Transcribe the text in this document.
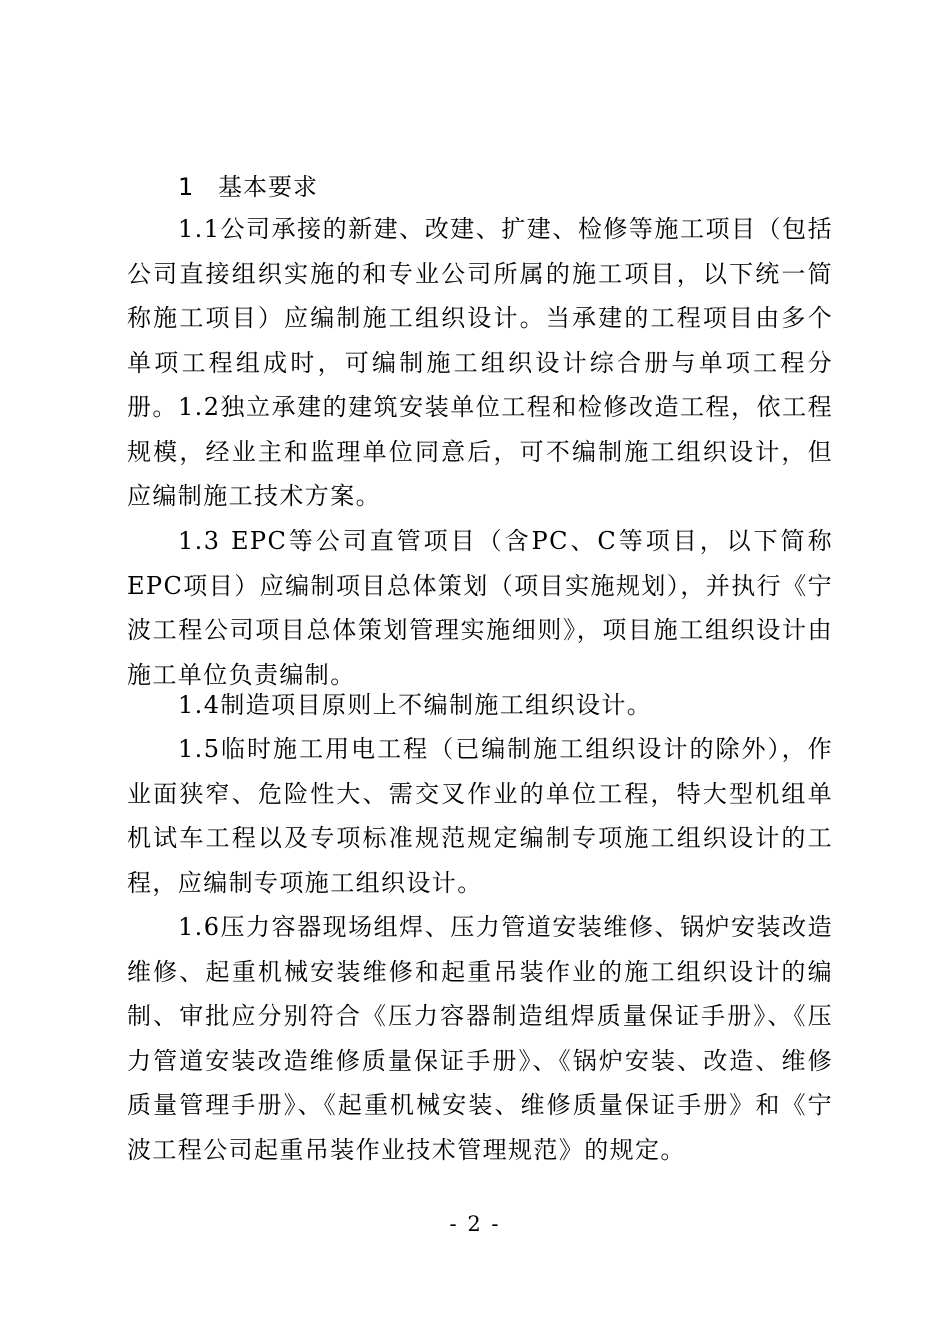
1 基本要求

1.1公司承接的新建、改建、扩建、检修等施工项目（包括公司直接组织实施的和专业公司所属的施工项目，以下统一简称施工项目）应编制施工组织设计。当承建的工程项目由多个单项工程组成时，可编制施工组织设计综合册与单项工程分册。 1.2独立承建的建筑安装单位工程和检修改造工程，依工程规模，经业主和监理单位同意后，可不编制施工组织设计，但应编制施工技术方案。

1.3 EPC等公司直管项目（含PC、C等项目，以下简称EPC项目）应编制项目总体策划（项目实施规划），并执行《宁波工程公司项目总体策划管理实施细则》，项目施工组织设计由施工单位负责编制。

1.4制造项目原则上不编制施工组织设计。

1.5临时施工用电工程（已编制施工组织设计的除外），作业面狭窄、危险性大、需交叉作业的单位工程，特大型机组单机试车工程以及专项标准规范规定编制专项施工组织设计的工程，应编制专项施工组织设计。

1.6压力容器现场组焊、压力管道安装维修、锅炉安装改造维修、起重机械安装维修和起重吊装作业的施工组织设计的编制、审批应分别符合《压力容器制造组焊质量保证手册》、《压力管道安装改造维修质量保证手册》、《锅炉安装、改造、维修质量管理手册》、《起重机械安装、维修质量保证手册》和《宁波工程公司起重吊装作业技术管理规范》的规定。

- 2 -
